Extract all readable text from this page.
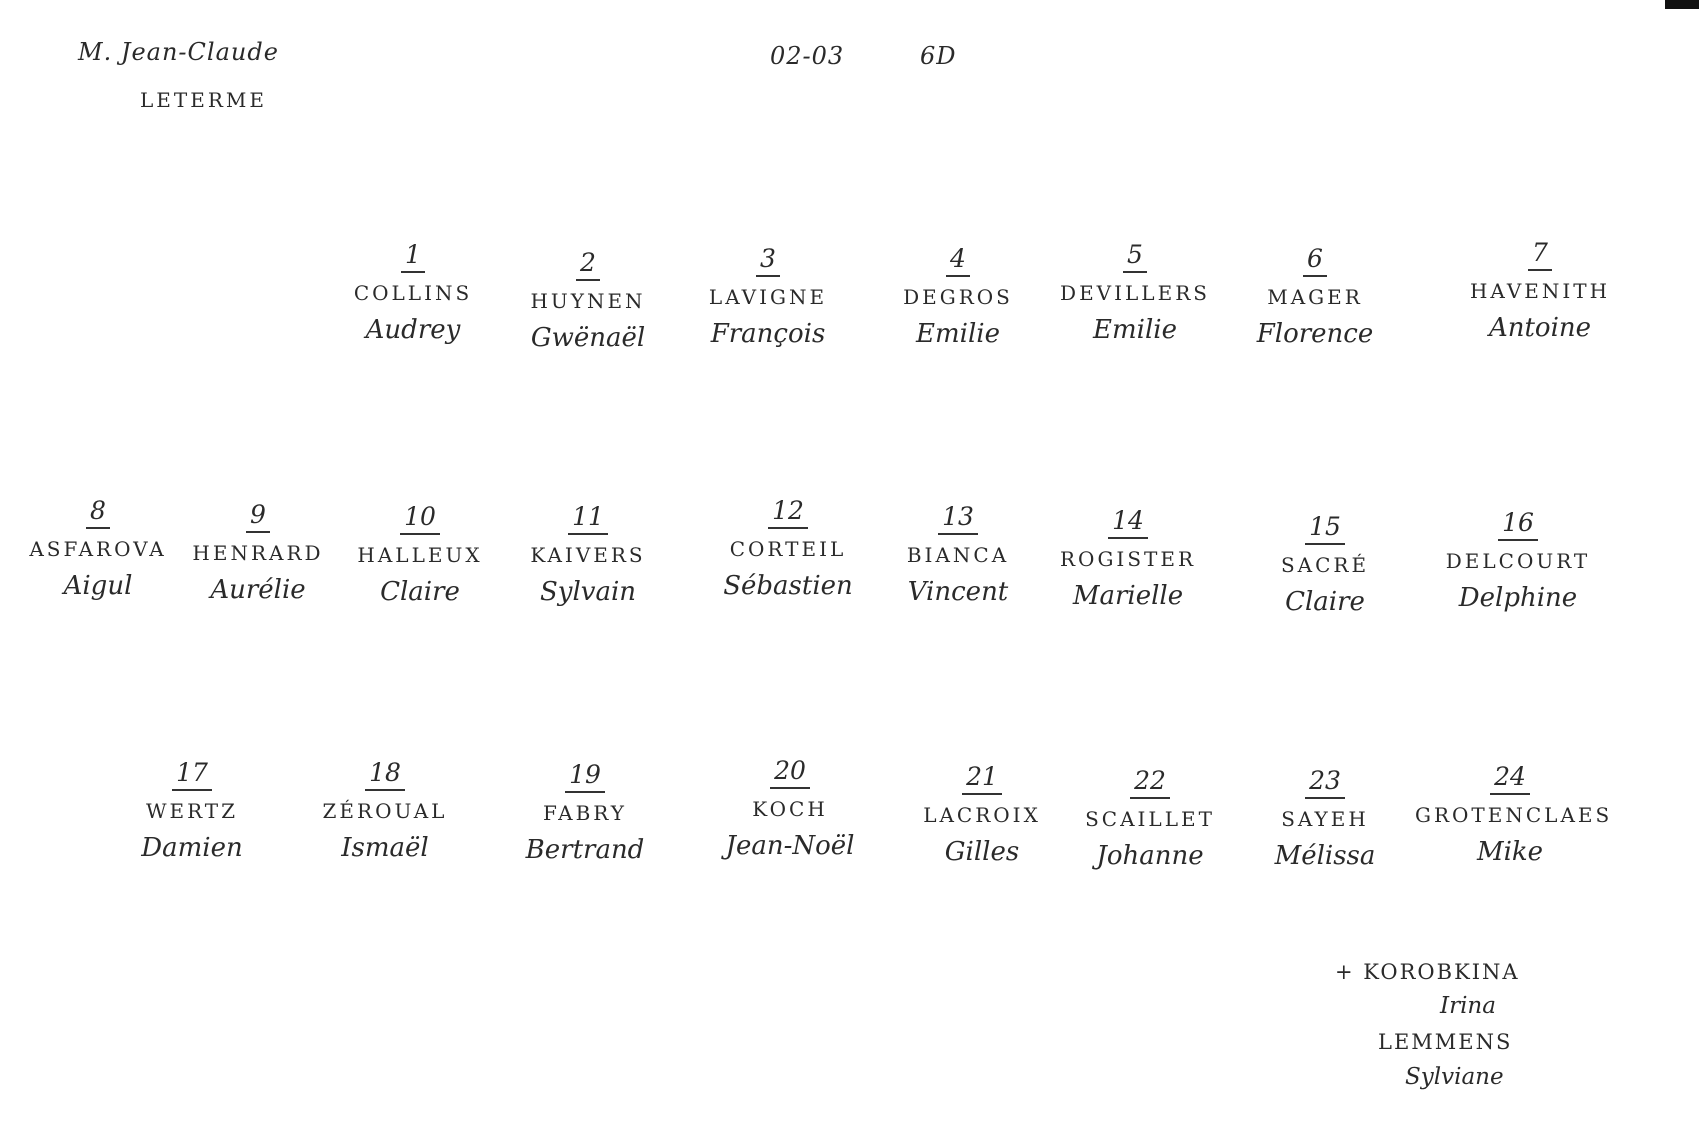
M. Jean-Claude
LETERME
02-03	6D
1
COLLINS
Audrey
2
HUYNEN
Gwënaël
3
LAVIGNE
François
4
DEGROS
Emilie
5
DEVILLERS
Emilie
6
MAGER
Florence
7
HAVENITH
Antoine
8
ASFAROVA
Aigul
9
HENRARD
Aurélie
10
HALLEUX
Claire
11
KAIVERS
Sylvain
12
CORTEIL
Sébastien
13
BIANCA
Vincent
14
ROGISTER
Marielle
15
SACRÉ
Claire
16
DELCOURT
Delphine
17
WERTZ
Damien
18
ZÉROUAL
Ismaël
19
FABRY
Bertrand
20
KOCH
Jean-Noël
21
LACROIX
Gilles
22
SCAILLET
Johanne
23
SAYEH
Mélissa
24
GROTENCLAES
Mike
+ KOROBKINA
Irina
LEMMENS
Sylviane
